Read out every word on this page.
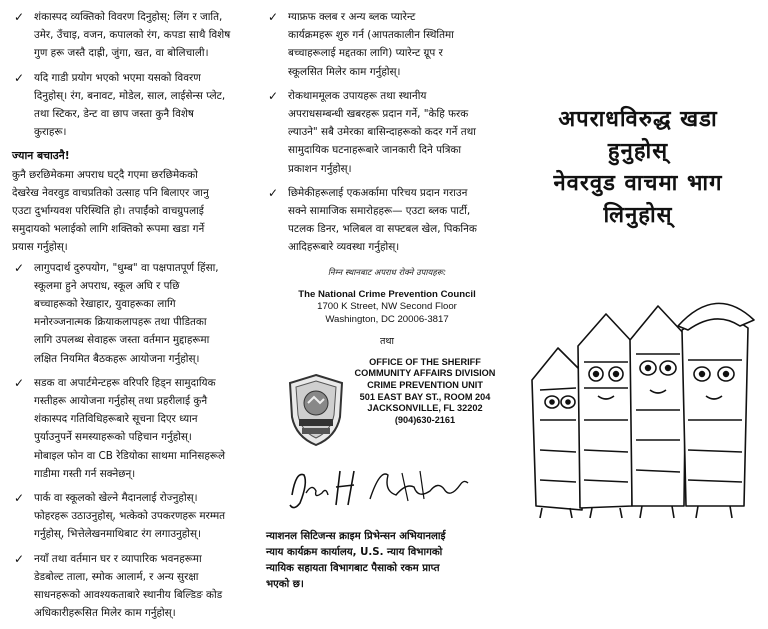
✓ शंकास्पद व्यक्तिको विवरण दिनुहोस्: लिंग र जाति,
उमेर, उँचाइ, वजन, कपालको रंग, कपडा साथै विशेष
गुण हरू जस्तै दाह्री, जुंगा, खत, वा बोलिचाली।
✓ यदि गाडी प्रयोग भएको भएमा यसको विवरण
दिनुहोस्। रंग, बनावट, मोडेल, साल, लाईसेन्स प्लेट,
तथा स्टिकर, डेन्ट वा छाप जस्ता कुनै विशेष
कुराहरू।
ज्यान बचाउनै!
कुनै छरछिमेकमा अपराध घट्दै गएमा छरछिमेकको
देखरेख नेवरवुड वाचप्रतिको उत्साह पनि बिलाएर जानु
एउटा दुर्भाग्यवश परिस्थिति हो। तपाईंको वाचग्रुपलाई
समुदायको भलाईको लागि शक्तिको रूपमा खडा गर्ने
प्रयास गर्नुहोस्।
✓ लागुपदार्थ दुरुपयोग, "धुम्ब" वा पक्षपातपूर्ण हिंसा,
स्कूलमा हुने अपराध, स्कूल अघि र पछि
बच्चाहरूको रेखाहार, युवाहरूका लागि
मनोरञ्जनात्मक क्रियाकलापहरू तथा पीडितका
लागि उपलब्ध सेवाहरू जस्ता वर्तमान मुद्दाहरूमा
लक्षित नियमित बैठकहरू आयोजना गर्नुहोस्।
✓ सडक वा अपार्टमेन्टहरू वरिपरि हिड्न सामुदायिक
गस्तीहरू आयोजना गर्नुहोस् तथा प्रहरीलाई कुनै
शंकास्पद गतिविधिहरूबारे सूचना दिएर ध्यान
पुर्याउनुपर्ने समस्याहरूको पहिचान गर्नुहोस्।
मोबाइल फोन वा CB रेडियोका साथमा मानिसहरूले
गाडीमा गस्ती गर्न सक्नेछन्।
✓ पार्क वा स्कूलको खेल्ने मैदानलाई रोज्नुहोस्।
फोहरहरू उठाउनुहोस्, भत्केको उपकरणहरू मरम्मत
गर्नुहोस्, भित्तेलेखनमाथिबाट रंग लगाउनुहोस्।
✓ नयाँ तथा वर्तमान घर र व्यापारिक भवनहरूमा
डेडबोल्ट ताला, स्मोक आलार्म, र अन्य सुरक्षा
साधनहरूको आवश्यकताबारे स्थानीय बिल्डिङ कोड
अधिकारीहरूसित मिलेर काम गर्नुहोस्।
✓ ग्याफ्रफ क्लब र अन्य ब्लक प्यारेन्ट
कार्यक्रमहरू शुरु गर्न (आपतकालीन स्थितिमा
बच्चाहरूलाई मद्दतका लागि) प्यारेन्ट ग्रूप र
स्कूलसित मिलेर काम गर्नुहोस्।
✓ रोकथाममूलक उपायहरू तथा स्थानीय
अपराधसम्बन्धी खबरहरू प्रदान गर्ने, "केहि फरक
ल्याउने" सबै उमेरका बासिन्दाहरूको कदर गर्ने तथा
सामुदायिक घटनाहरूबारे जानकारी दिने पत्रिका
प्रकाशन गर्नुहोस्।
✓ छिमेकीहरूलाई एकअर्कामा परिचय प्रदान गराउन
सक्ने सामाजिक समारोहहरू— एउटा ब्लक पार्टी,
पटलक डिनर, भलिबल वा सफ्टबल खेल, पिकनिक
आदिहरूबारे व्यवस्था गर्नुहोस्।
निम्न स्थानबाट अपराध रोक्ने उपायहरू:
The National Crime Prevention Council
1700 K Street, NW Second Floor
Washington, DC 20006-3817
तथा
OFFICE OF THE SHERIFF
COMMUNITY AFFAIRS DIVISION
CRIME PREVENTION UNIT
501 EAST BAY ST., ROOM 204
JACKSONVILLE, FL 32202
(904)630-2161
न्याशनल सिटिजन्स क्राइम प्रिभेन्सन अभियानलाई
न्याय कार्यक्रम कार्यालय, U.S. न्याय विभागको
न्यायिक सहायता विभागबाट पैसाको रकम प्राप्त
भएको छ।
अपराधविरुद्ध खडा
हुनुहोस्
नेवरवुड वाचमा भाग
लिनुहोस्
